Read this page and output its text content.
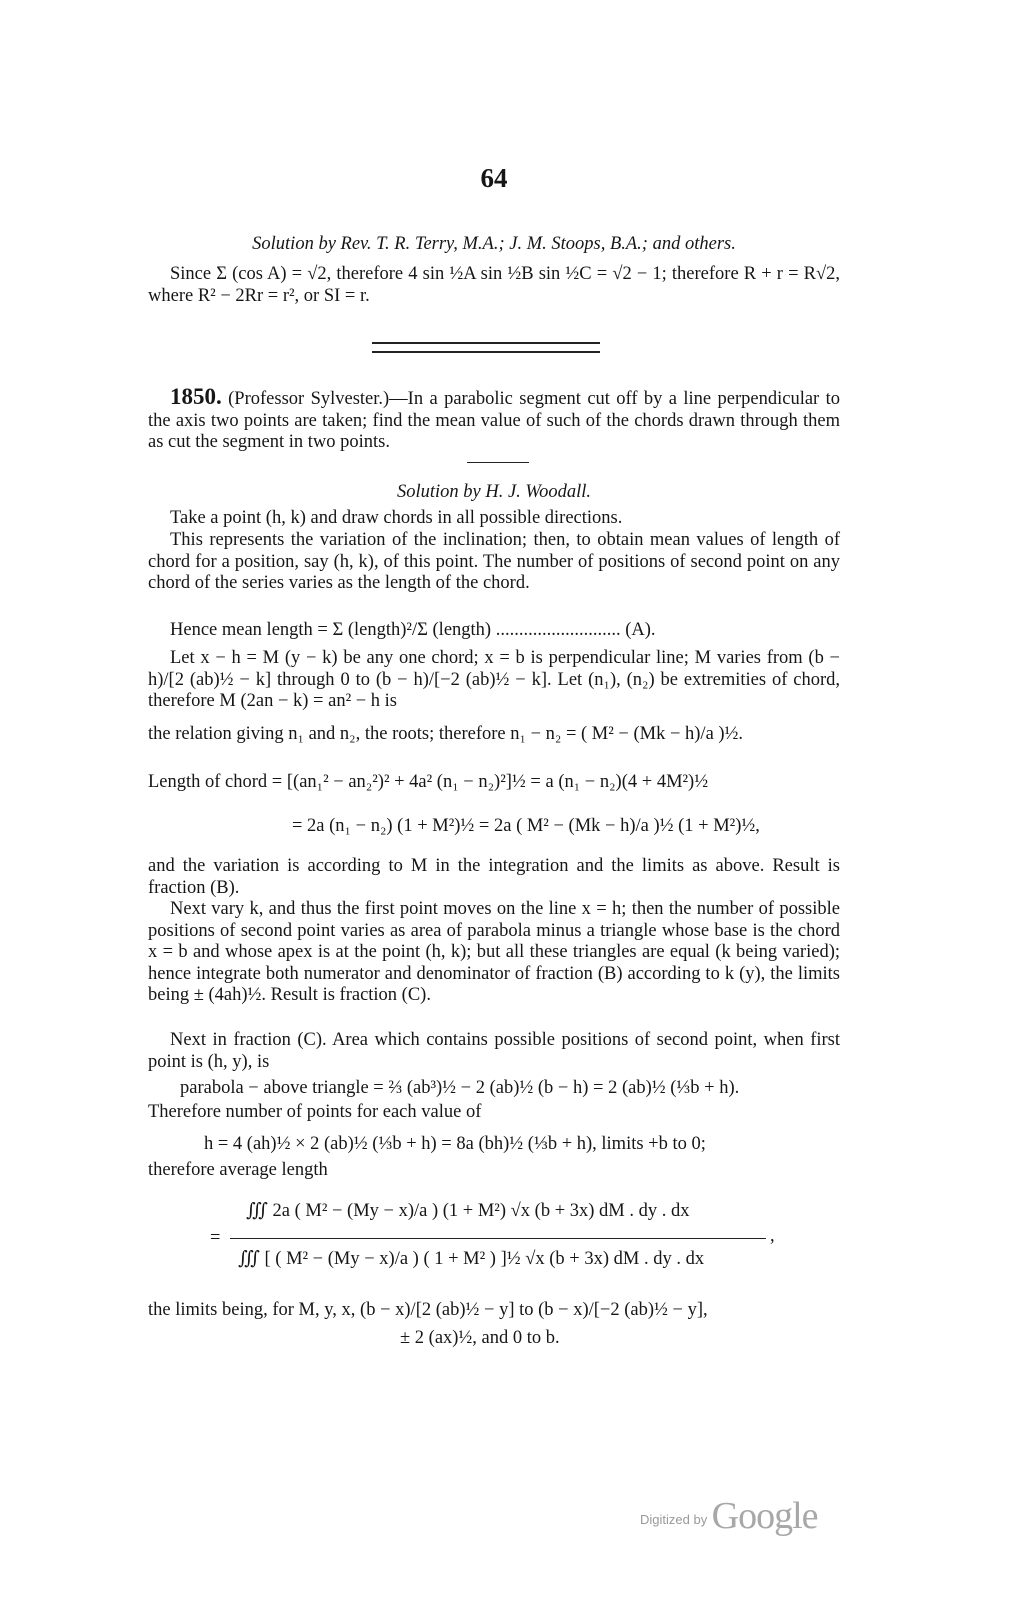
64
Solution by Rev. T. R. Terry, M.A.; J. M. Stoops, B.A.; and others.
Since Σ (cos A) = √2, therefore 4 sin ½A sin ½B sin ½C = √2 − 1; therefore R + r = R√2, where R² − 2Rr = r², or SI = r.
1850. (Professor Sylvester.)—In a parabolic segment cut off by a line perpendicular to the axis two points are taken; find the mean value of such of the chords drawn through them as cut the segment in two points.
Solution by H. J. Woodall.
Take a point (h, k) and draw chords in all possible directions.
This represents the variation of the inclination; then, to obtain mean values of length of chord for a position, say (h, k), of this point. The number of positions of second point on any chord of the series varies as the length of the chord.
Hence mean length = Σ (length)²/Σ (length) ........................... (A).
Let x − h = M (y − k) be any one chord; x = b is perpendicular line; M varies from (b − h)/[2 (ab)½ − k] through 0 to (b − h)/[−2 (ab)½ − k]. Let (n₁), (n₂) be extremities of chord, therefore M (2an − k) = an² − h is
the relation giving n₁ and n₂, the roots; therefore n₁ − n₂ = ( M² − (Mk − h)/a )½.
Length of chord = [(an₁² − an₂²)² + 4a² (n₁ − n₂)²]½ = a (n₁ − n₂)(4 + 4M²)½
= 2a (n₁ − n₂) (1 + M²)½ = 2a ( M² − (Mk − h)/a )½ (1 + M²)½,
and the variation is according to M in the integration and the limits as above. Result is fraction (B).
Next vary k, and thus the first point moves on the line x = h; then the number of possible positions of second point varies as area of parabola minus a triangle whose base is the chord x = b and whose apex is at the point (h, k); but all these triangles are equal (k being varied); hence integrate both numerator and denominator of fraction (B) according to k (y), the limits being ± (4ah)½. Result is fraction (C).
Next in fraction (C). Area which contains possible positions of second point, when first point is (h, y), is
parabola − above triangle = ⅔ (ab³)½ − 2 (ab)½ (b − h) = 2 (ab)½ (⅓b + h).
Therefore number of points for each value of
h = 4 (ah)½ × 2 (ab)½ (⅓b + h) = 8a (bh)½ (⅓b + h), limits +b to 0;
therefore average length
∭ 2a ( M² − (My − x)/a ) (1 + M²) √x (b + 3x) dM . dy . dx
=	,
∭ [ ( M² − (My − x)/a ) ( 1 + M² ) ]½ √x (b + 3x) dM . dy . dx
the limits being, for M, y, x, (b − x)/[2 (ab)½ − y] to (b − x)/[−2 (ab)½ − y],
± 2 (ax)½, and 0 to b.
$^{Digitized by}$ Google
